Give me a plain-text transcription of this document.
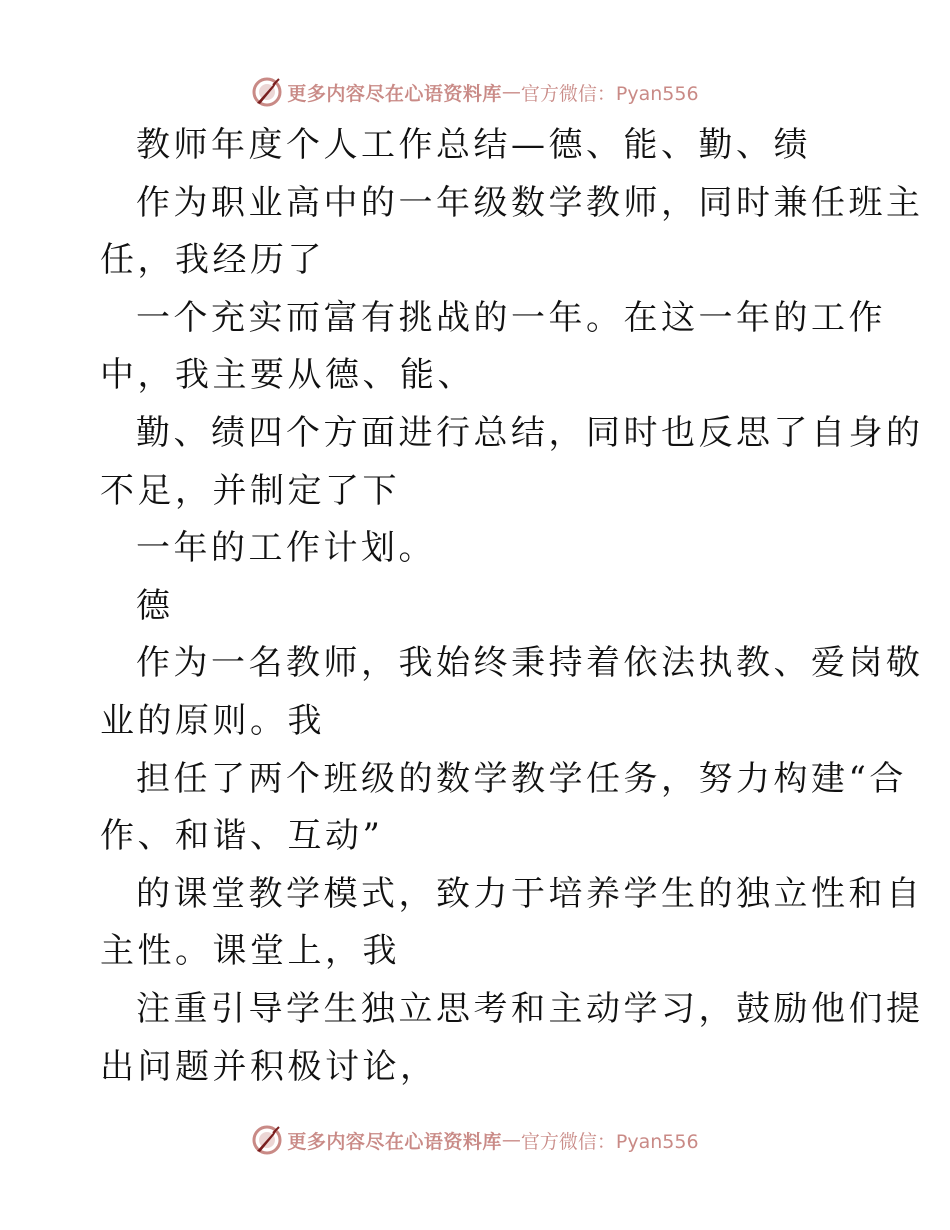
更多内容尽在心语资料库 — 官方微信：Pyan556
教师年度个人工作总结—德、能、勤、绩
作为职业高中的一年级数学教师，同时兼任班主
任，我经历了
一个充实而富有挑战的一年。在这一年的工作
中，我主要从德、能、
勤、绩四个方面进行总结，同时也反思了自身的
不足，并制定了下
一年的工作计划。
德
作为一名教师，我始终秉持着依法执教、爱岗敬
业的原则。我
担任了两个班级的数学教学任务，努力构建“合
作、和谐、互动”
的课堂教学模式，致力于培养学生的独立性和自
主性。课堂上，我
注重引导学生独立思考和主动学习，鼓励他们提
出问题并积极讨论，
更多内容尽在心语资料库 — 官方微信：Pyan556
